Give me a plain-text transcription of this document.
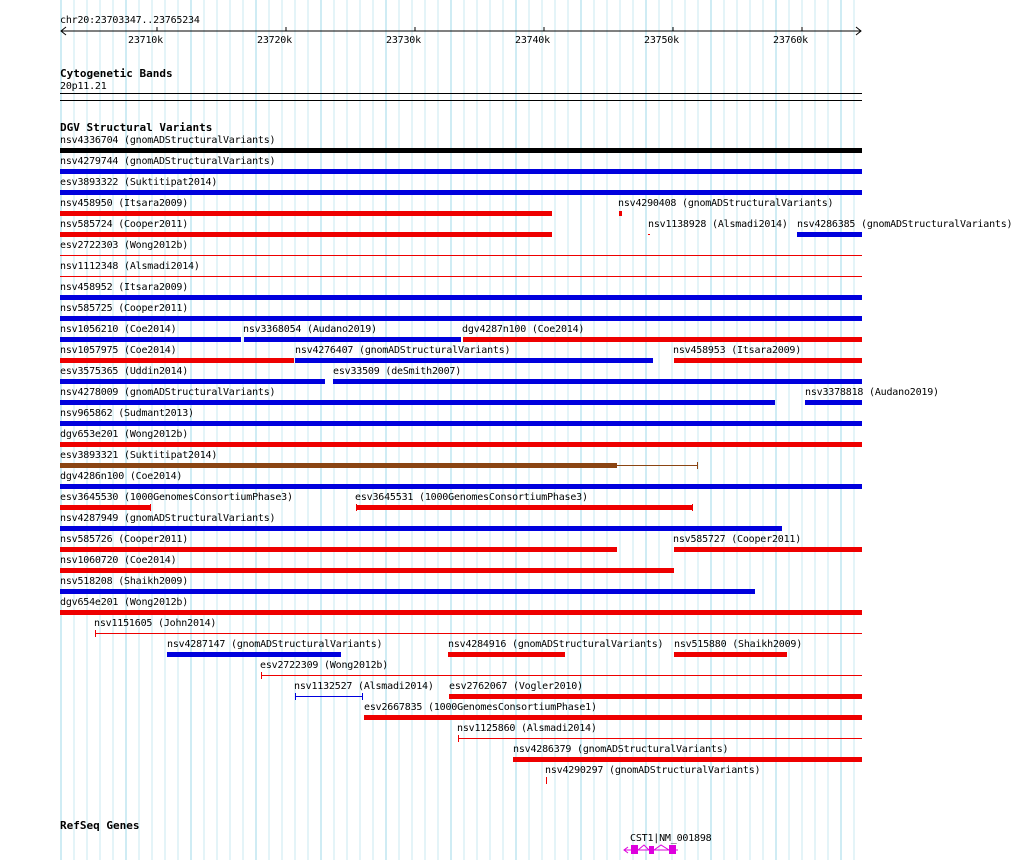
chr20:23703347..23765234
23710k	23720k	23730k	23740k	23750k	23760k
Cytogenetic Bands
20p11.21
DGV Structural Variants
nsv4336704 (gnomADStructuralVariants)
nsv4279744 (gnomADStructuralVariants)
esv3893322 (Suktitipat2014)
nsv458950 (Itsara2009)	nsv4290408 (gnomADStructuralVariants)
nsv585724 (Cooper2011)	nsv1138928 (Alsmadi2014) nsv4286385 (gnomADStructuralVariants)
esv2722303 (Wong2012b)
nsv1112348 (Alsmadi2014)
nsv458952 (Itsara2009)
nsv585725 (Cooper2011)
nsv1056210 (Coe2014)	nsv3368054 (Audano2019)	dgv4287n100 (Coe2014)
nsv1057975 (Coe2014)	nsv4276407 (gnomADStructuralVariants)	nsv458953 (Itsara2009)
esv3575365 (Uddin2014)	esv33509 (deSmith2007)
nsv4278009 (gnomADStructuralVariants)	nsv3378818 (Audano2019)
nsv965862 (Sudmant2013)
dgv653e201 (Wong2012b)
esv3893321 (Suktitipat2014)
dgv4286n100 (Coe2014)
esv3645530 (1000GenomesConsortiumPhase3)	esv3645531 (1000GenomesConsortiumPhase3)
nsv4287949 (gnomADStructuralVariants)
nsv585726 (Cooper2011)	nsv585727 (Cooper2011)
nsv1060720 (Coe2014)
nsv518208 (Shaikh2009)
dgv654e201 (Wong2012b)
nsv1151605 (John2014)
nsv4287147 (gnomADStructuralVariants)	nsv4284916 (gnomADStructuralVariants) nsv515880 (Shaikh2009)
esv2722309 (Wong2012b)
nsv1132527 (Alsmadi2014) esv2762067 (Vogler2010)
esv2667835 (1000GenomesConsortiumPhase1)
nsv1125860 (Alsmadi2014)
nsv4286379 (gnomADStructuralVariants)
nsv4290297 (gnomADStructuralVariants)
RefSeq Genes
CST1|NM_001898
